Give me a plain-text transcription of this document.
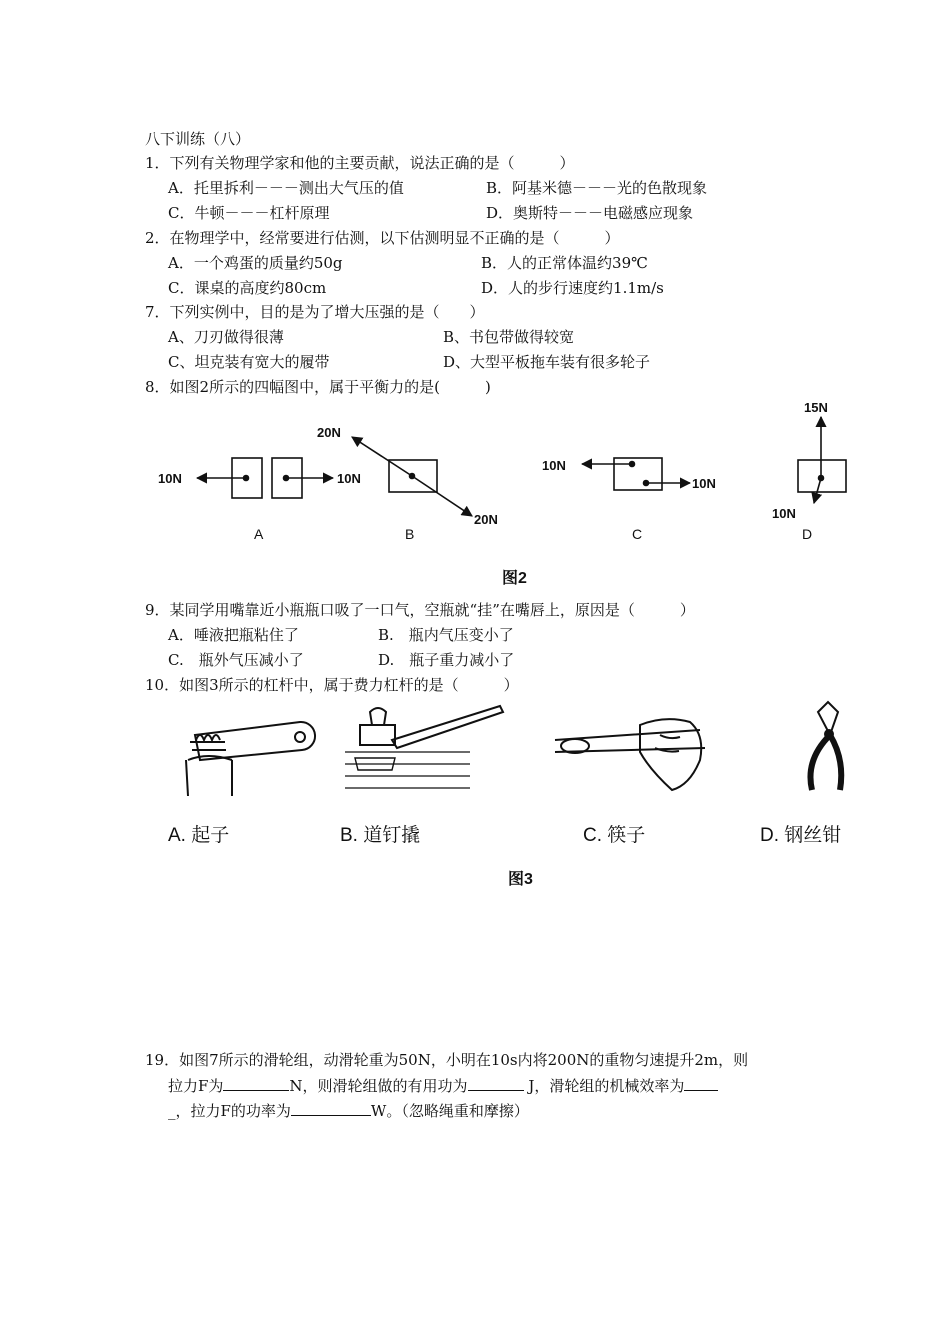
八下训练（八）
1．下列有关物理学家和他的主要贡献，说法正确的是（　　　）
A．托里拆利－－－测出大气压的值	B．阿基米德－－－光的色散现象
C．牛顿－－－杠杆原理	D．奥斯特－－－电磁感应现象
2．在物理学中，经常要进行估测，以下估测明显不正确的是（　　　）
A．一个鸡蛋的质量约50g	B．人的正常体温约39℃
C．课桌的高度约80cm	D．人的步行速度约1.1m/s
7．下列实例中，目的是为了增大压强的是（　　）
A、刀刃做得很薄	B、书包带做得较宽
C、坦克装有宽大的履带	D、大型平板拖车装有很多轮子
8．如图2所示的四幅图中，属于平衡力的是(　　　)
10N	10N
20N
20N
10N
10N
15N
10N
A	B	C	D
图2
9．某同学用嘴靠近小瓶瓶口吸了一口气，空瓶就“挂”在嘴唇上，原因是（　　　）
A．唾液把瓶粘住了	B.　瓶内气压变小了
C.　瓶外气压减小了	D.　瓶子重力减小了
10．如图3所示的杠杆中，属于费力杠杆的是（　　　）
A. 起子	B. 道钉撬	C. 筷子	D. 钢丝钳
图3
19．如图7所示的滑轮组，动滑轮重为50N，小明在10s内将200N的重物匀速提升2m，则
拉力F为	N，则滑轮组做的有用功为	J，滑轮组的机械效率为
_，拉力F的功率为	W。（忽略绳重和摩擦）
